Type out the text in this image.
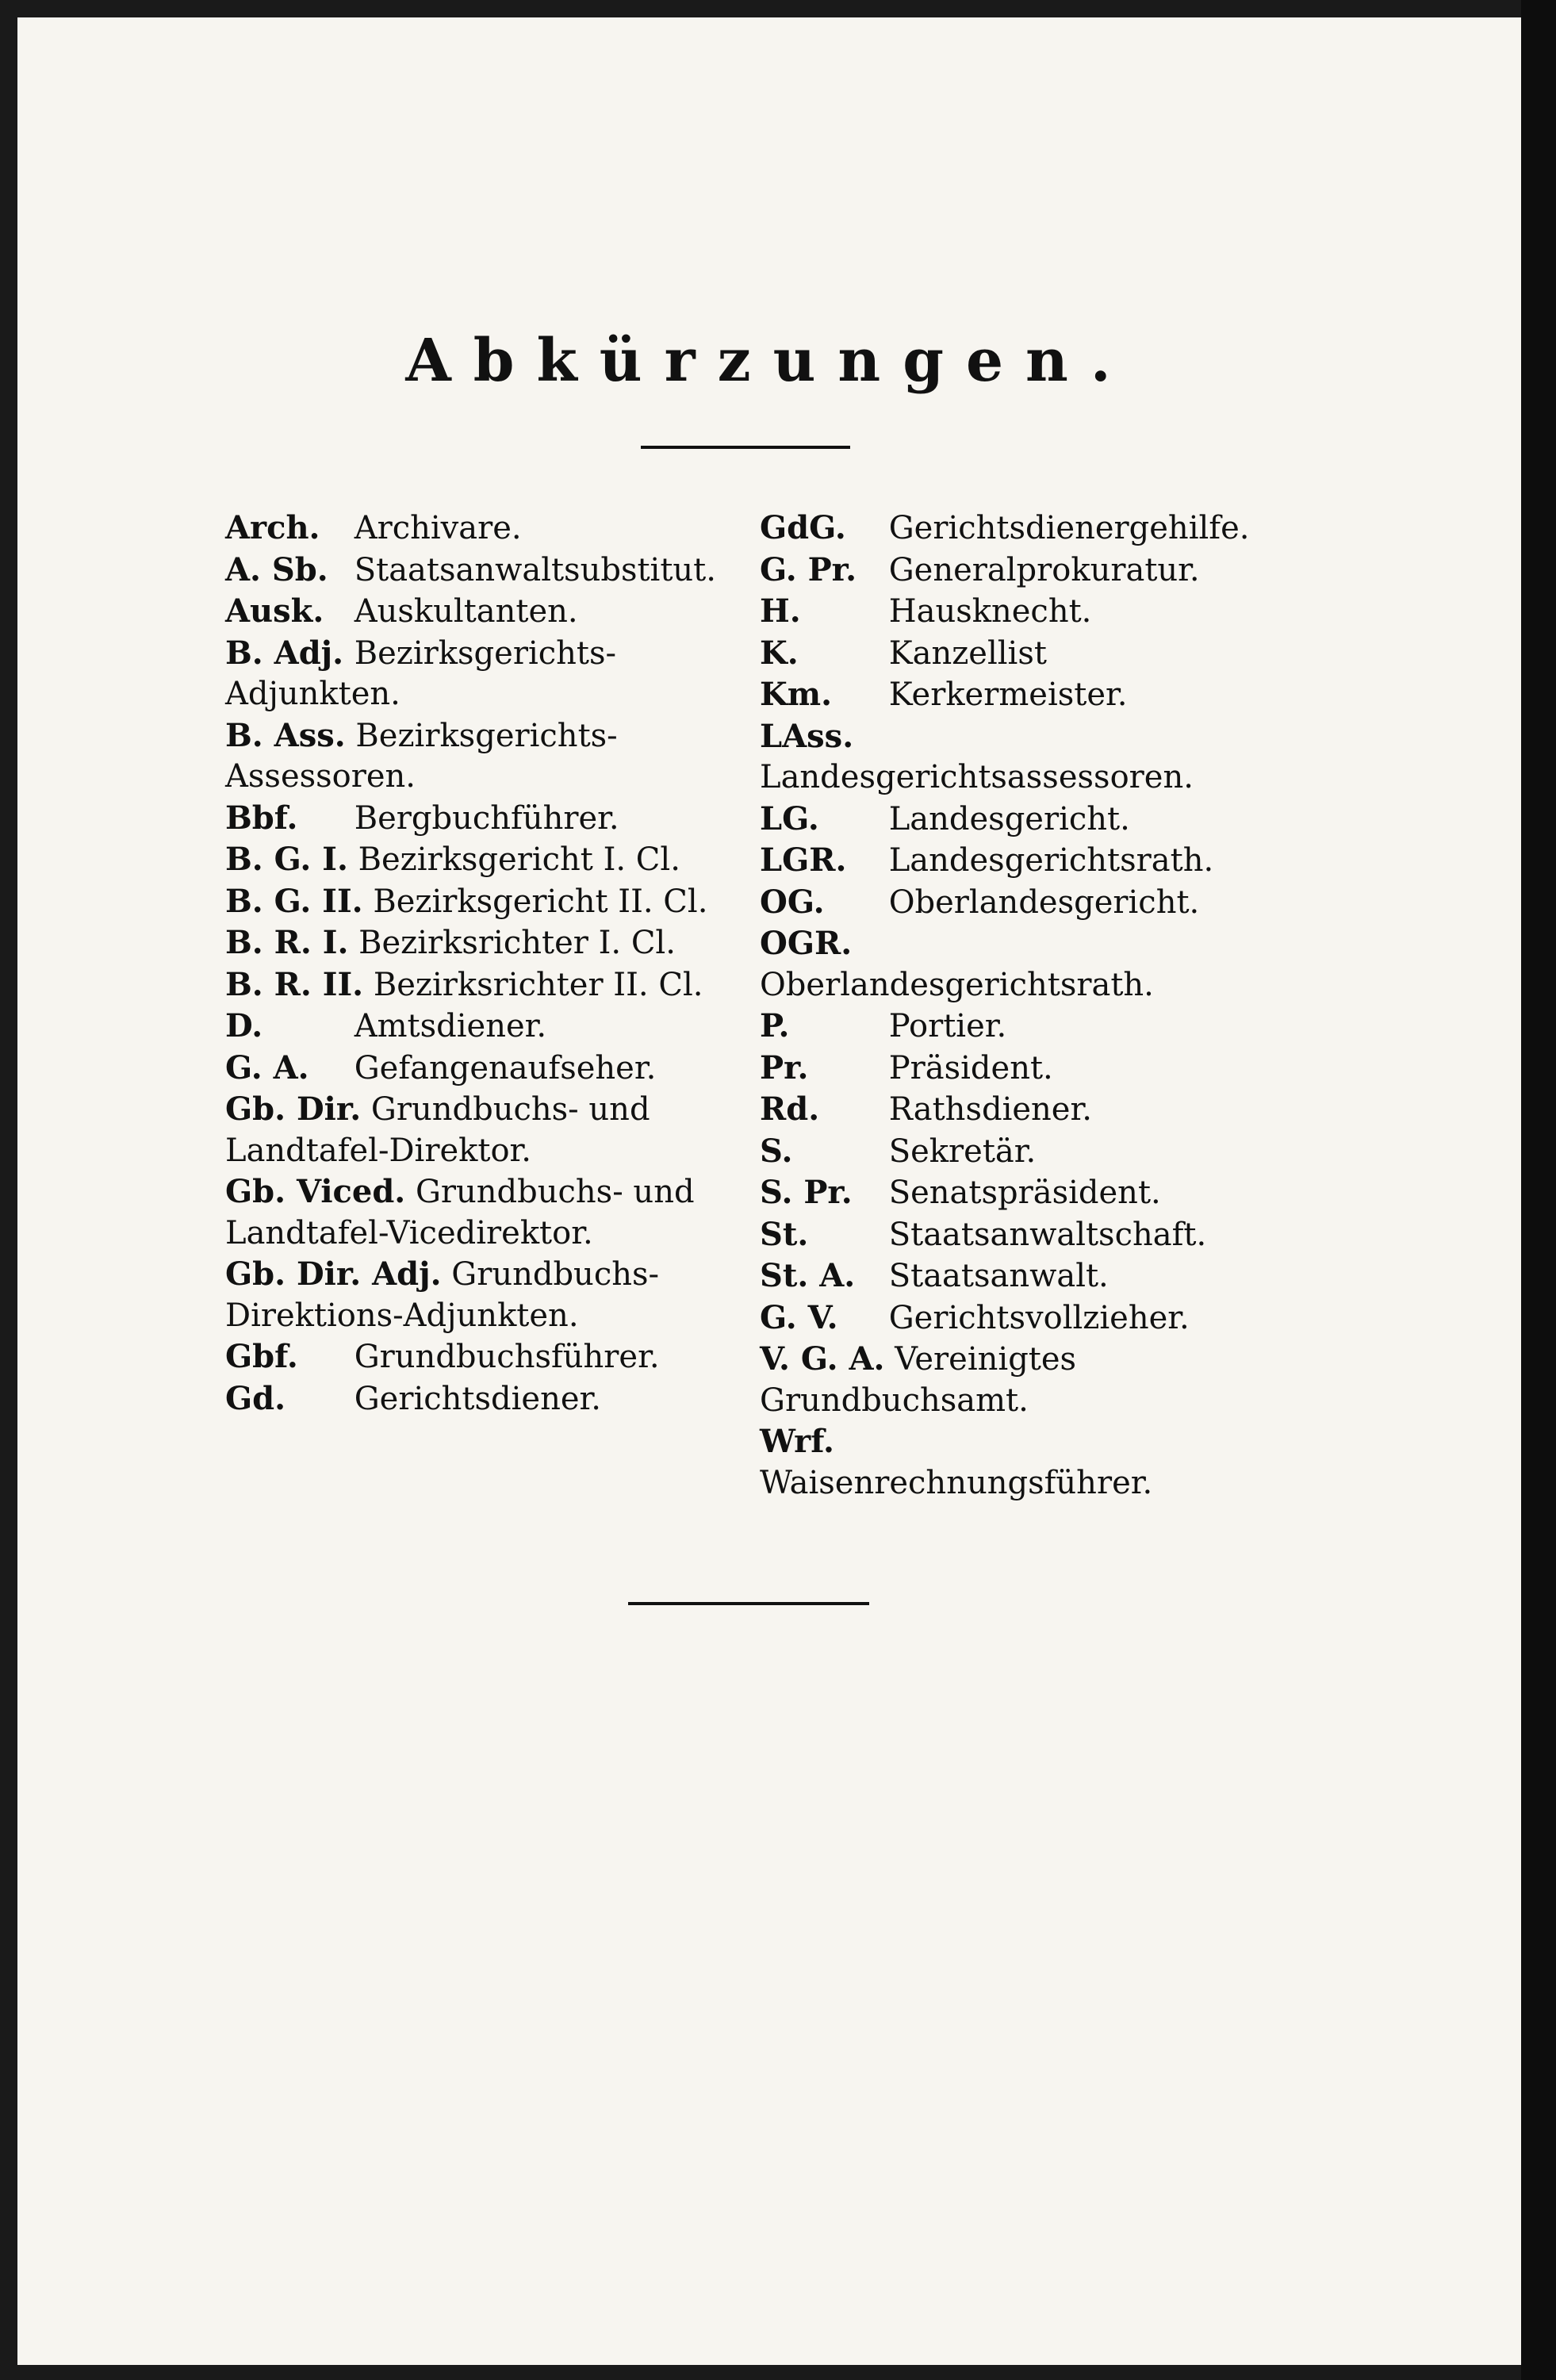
Abkürzungen.

Arch. Archivare.

A. Sb. Staatsanwaltsubstitut.

Ausk. Auskultanten.

B. Adj. Bezirksgerichts-Adjunkten.

B. Ass. Bezirksgerichts-Assessoren.

Bbf. Bergbuchführer.

B. G. I. Bezirksgericht I. Cl.

B. G. II. Bezirksgericht II. Cl.

B. R. I. Bezirksrichter I. Cl.

B. R. II. Bezirksrichter II. Cl.

D.	Amtsdiener.

G. A. Gefangenaufseher.

Gb. Dir. Grundbuchs- und Landtafel-Direktor.

Gb. Viced. Grundbuchs- und Landtafel-Vicedirektor.

Gb. Dir. Adj. Grundbuchs-Direktions-Adjunkten.

Gbf. Grundbuchsführer.

Gd. Gerichtsdiener.

GdG. Gerichtsdienergehilfe.

G. Pr. Generalprokuratur.

H.	Hausknecht.

K.	Kanzellist

Km. Kerkermeister.

LAss. Landesgerichtsassessoren.

LG. Landesgericht.

LGR. Landesgerichtsrath.

OG. Oberlandesgericht.

OGR. Oberlandesgerichtsrath.

P.	Portier.

Pr.	Präsident.

Rd. Rathsdiener.

S.	Sekretär.

S. Pr. Senatspräsident.

St.	Staatsanwaltschaft.

St. A. Staatsanwalt.

G. V. Gerichtsvollzieher.

V. G. A. Vereinigtes Grundbuchsamt.

Wrf. Waisenrechnungsführer.
